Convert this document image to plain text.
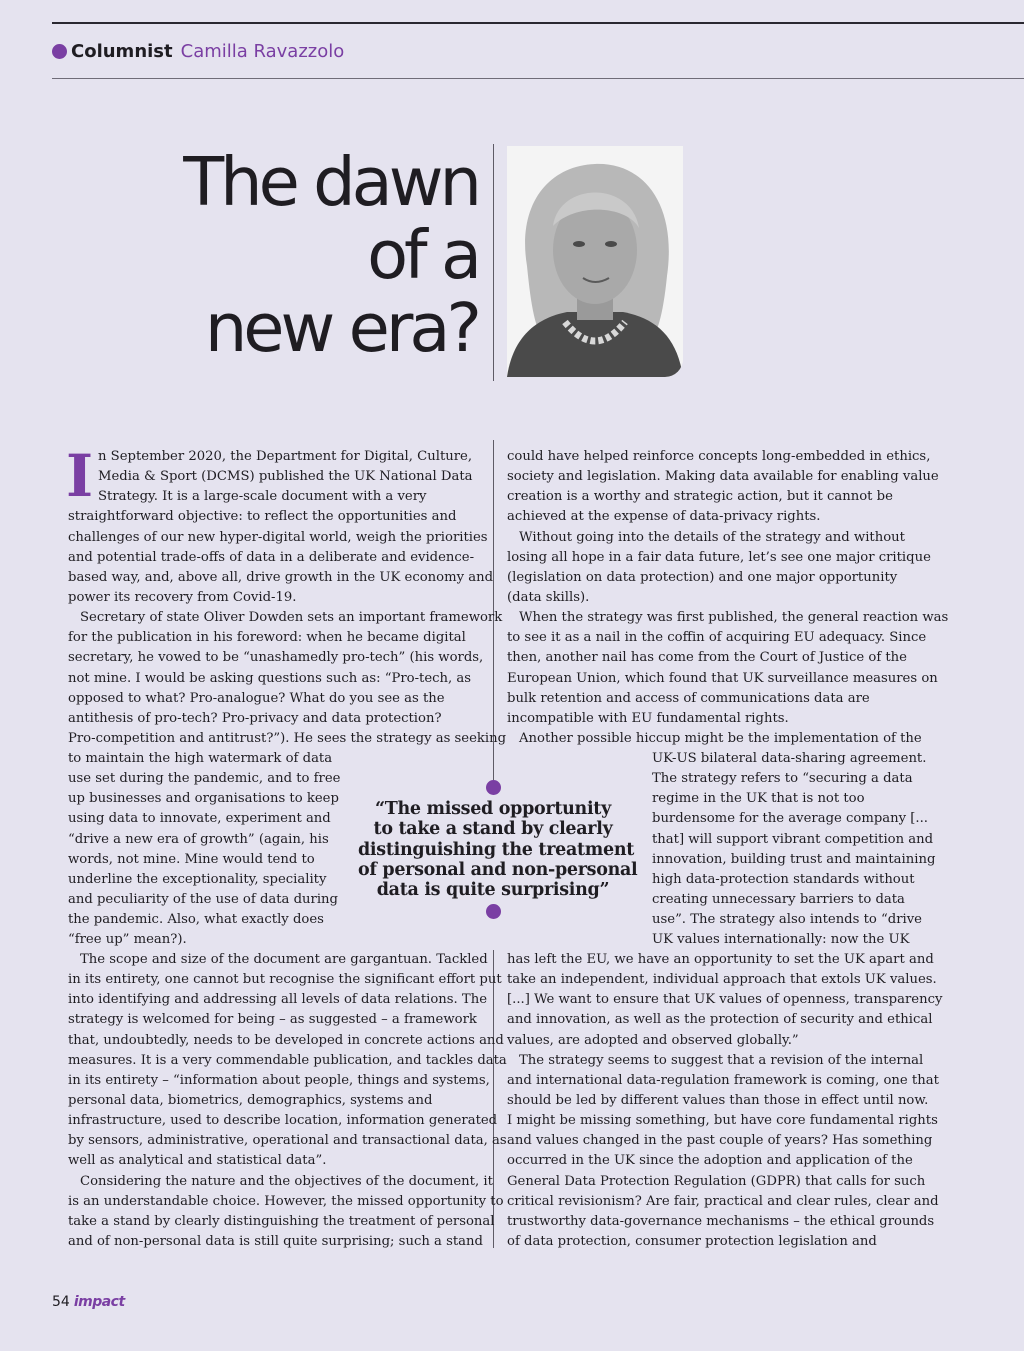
Columnist Camilla Ravazzolo
The dawn
of a
new era?
I n September 2020, the Department for Digital, Culture,
Media & Sport (DCMS) published the UK National Data
Strategy. It is a large-scale document with a very
straightforward objective: to reflect the opportunities and
challenges of our new hyper-digital world, weigh the priorities
and potential trade-offs of data in a deliberate and evidence-
based way, and, above all, drive growth in the UK economy and
power its recovery from Covid-19.
Secretary of state Oliver Dowden sets an important framework
for the publication in his foreword: when he became digital
secretary, he vowed to be “unashamedly pro-tech” (his words,
not mine. I would be asking questions such as: “Pro-tech, as
opposed to what? Pro-analogue? What do you see as the
antithesis of pro-tech? Pro-privacy and data protection?
Pro-competition and antitrust?”). He sees the strategy as seeking
to maintain the high watermark of data
use set during the pandemic, and to free
up businesses and organisations to keep
using data to innovate, experiment and
“drive a new era of growth” (again, his
words, not mine. Mine would tend to
underline the exceptionality, speciality
and peculiarity of the use of data during
the pandemic. Also, what exactly does
“free up” mean?).
The scope and size of the document are gargantuan. Tackled
in its entirety, one cannot but recognise the significant effort put
into identifying and addressing all levels of data relations. The
strategy is welcomed for being – as suggested – a framework
that, undoubtedly, needs to be developed in concrete actions and
measures. It is a very commendable publication, and tackles data
in its entirety – “information about people, things and systems,
personal data, biometrics, demographics, systems and
infrastructure, used to describe location, information generated
by sensors, administrative, operational and transactional data, as
well as analytical and statistical data”.
Considering the nature and the objectives of the document, it
is an understandable choice. However, the missed opportunity to
take a stand by clearly distinguishing the treatment of personal
and of non-personal data is still quite surprising; such a stand
could have helped reinforce concepts long-embedded in ethics,
society and legislation. Making data available for enabling value
creation is a worthy and strategic action, but it cannot be
achieved at the expense of data-privacy rights.
Without going into the details of the strategy and without
losing all hope in a fair data future, let’s see one major critique
(legislation on data protection) and one major opportunity
(data skills).
When the strategy was first published, the general reaction was
to see it as a nail in the coffin of acquiring EU adequacy. Since
then, another nail has come from the Court of Justice of the
European Union, which found that UK surveillance measures on
bulk retention and access of communications data are
incompatible with EU fundamental rights.
Another possible hiccup might be the implementation of the
UK-US bilateral data-sharing agreement.
The strategy refers to “securing a data
regime in the UK that is not too
burdensome for the average company [...
that] will support vibrant competition and
innovation, building trust and maintaining
high data-protection standards without
creating unnecessary barriers to data
use”. The strategy also intends to “drive
UK values internationally: now the UK
has left the EU, we have an opportunity to set the UK apart and
take an independent, individual approach that extols UK values.
[...] We want to ensure that UK values of openness, transparency
and innovation, as well as the protection of security and ethical
values, are adopted and observed globally.”
The strategy seems to suggest that a revision of the internal
and international data-regulation framework is coming, one that
should be led by different values than those in effect until now.
I might be missing something, but have core fundamental rights
and values changed in the past couple of years? Has something
occurred in the UK since the adoption and application of the
General Data Protection Regulation (GDPR) that calls for such
critical revisionism? Are fair, practical and clear rules, clear and
trustworthy data-governance mechanisms – the ethical grounds
of data protection, consumer protection legislation and

“The missed opportunity
to take a stand by clearly
distinguishing the treatment
of personal and non-personal
data is quite surprising”

54 impact
